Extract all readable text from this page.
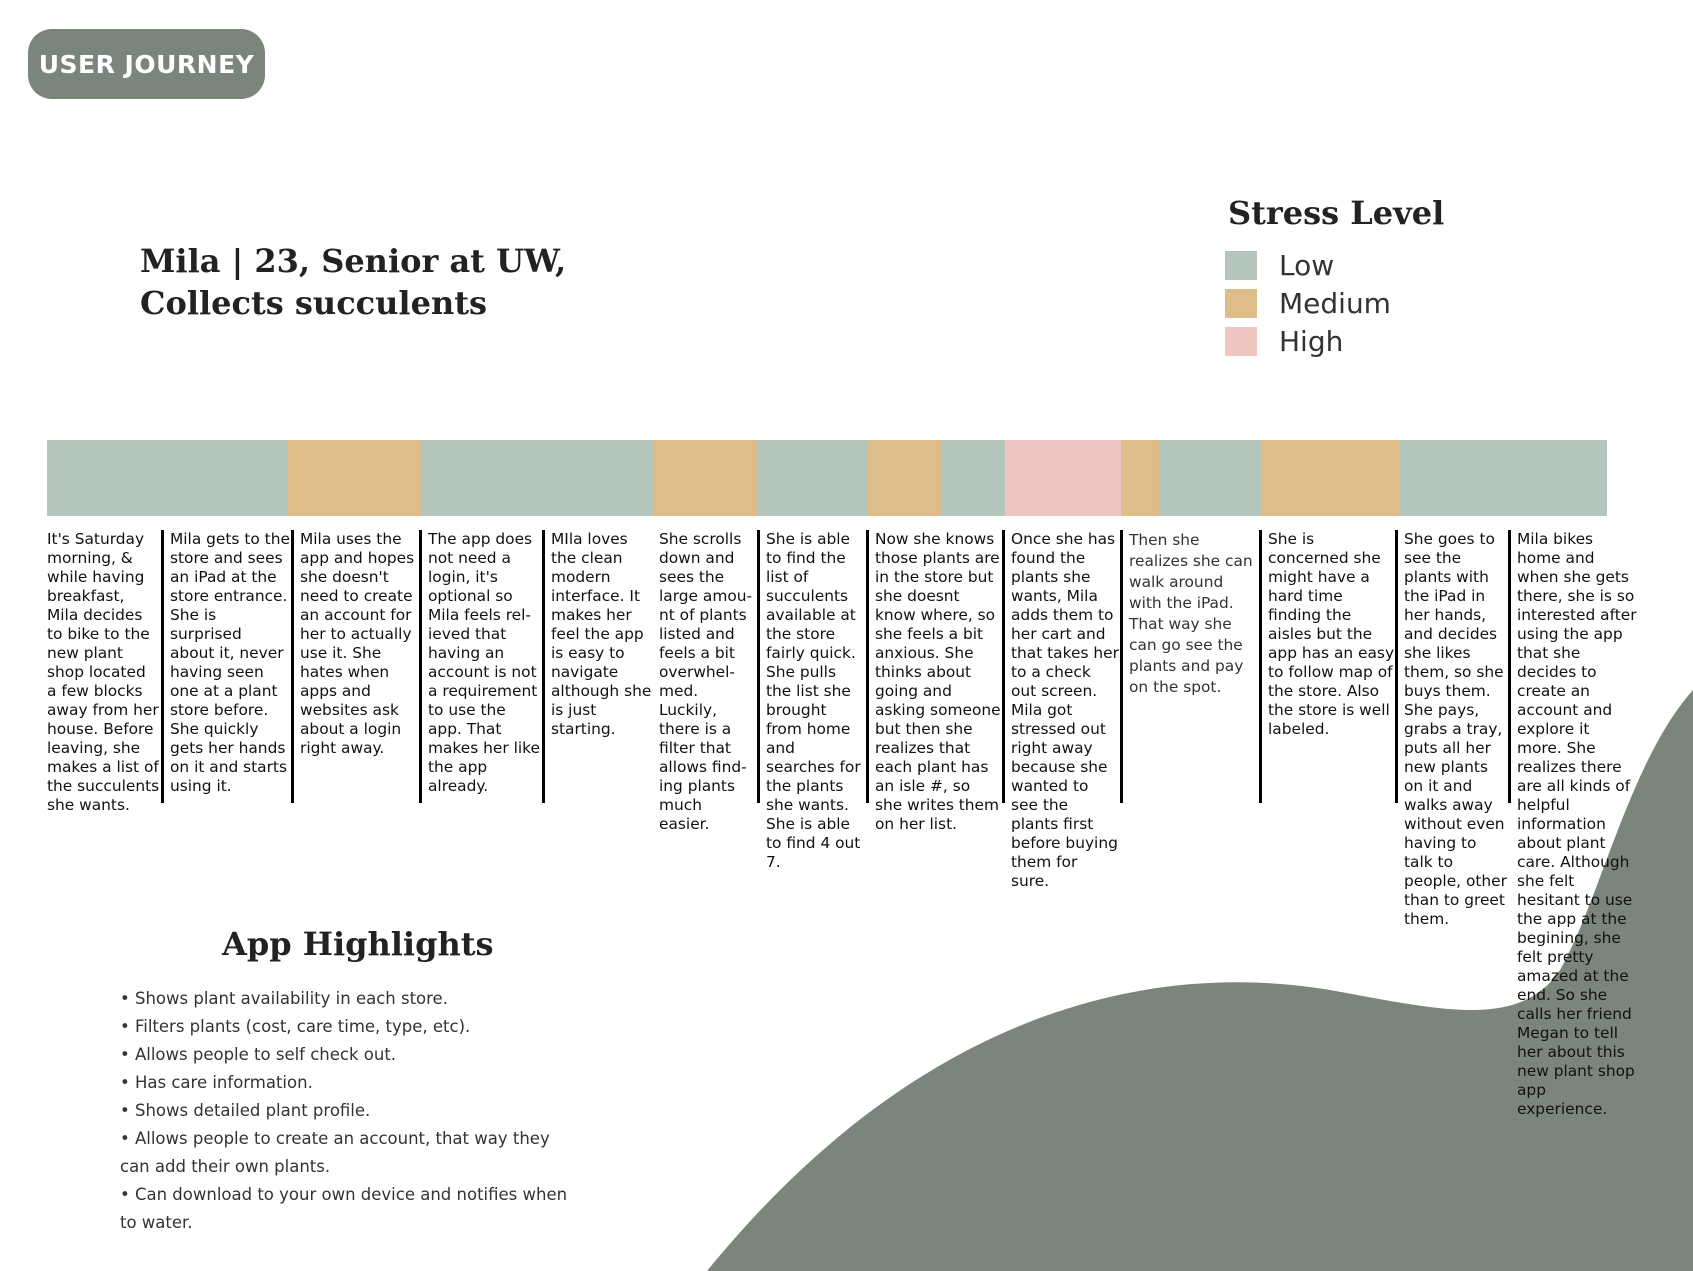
USER JOURNEY
Mila | 23, Senior at UW,
Collects succulents
Stress Level
Low
Medium
High
It's Saturday morning, & while having breakfast, Mila decides to bike to the new plant shop located a few blocks away from her house. Before leaving, she makes a list of the succulents she wants.
Mila gets to the store and sees an iPad at the store entrance. She is surprised about it, never having seen one at a plant store before. She quickly gets her hands on it and starts using it.
Mila uses the app and hopes she doesn't need to create an account for her to actually use it. She hates when apps and websites ask about a login right away.
The app does not need a login, it's optional so Mila feels rel-ieved that having an account is not a requirement to use the app. That makes her like the app already.
MIla loves the clean modern interface. It makes her feel the app is easy to navigate although she is just starting.
She scrolls down and sees the large amou-nt of plants listed and feels a bit overwhel-med. Luckily, there is a filter that allows find-ing plants much easier.
She is able to find the list of succulents available at the store fairly quick. She pulls the list she brought from home and searches for the plants she wants. She is able to find 4 out 7.
Now she knows those plants are in the store but she doesnt know where, so she feels a bit anxious. She thinks about going and asking someone but then she realizes that each plant has an isle #, so she writes them on her list.
Once she has found the plants she wants, Mila adds them to her cart and that takes her to a check out screen. Mila got stressed out right away because she wanted to see the plants first before buying them for sure.
Then she realizes she can walk around with the iPad. That way she can go see the plants and pay on the spot.
She is concerned she might have a hard time finding the aisles but the app has an easy to follow map of the store. Also the store is well labeled.
She goes to see the plants with the iPad in her hands, and decides she likes them, so she buys them. She pays, grabs a tray, puts all her new plants on it and walks away without even having to talk to people, other than to greet them.
Mila bikes home and when she gets there, she is so interested after using the app that she decides to create an account and explore it more. She realizes there are all kinds of helpful information about plant care. Although she felt hesitant to use the app at the begining, she felt pretty amazed at the end. So she calls her friend Megan to tell her about this new plant shop app experience.
App Highlights
• Shows plant availability in each store.
• Filters plants (cost, care time, type, etc).
• Allows people to self check out.
• Has care information.
• Shows detailed plant profile.
• Allows people to create an account, that way they can add their own plants.
• Can download to your own device and notifies when to water.
